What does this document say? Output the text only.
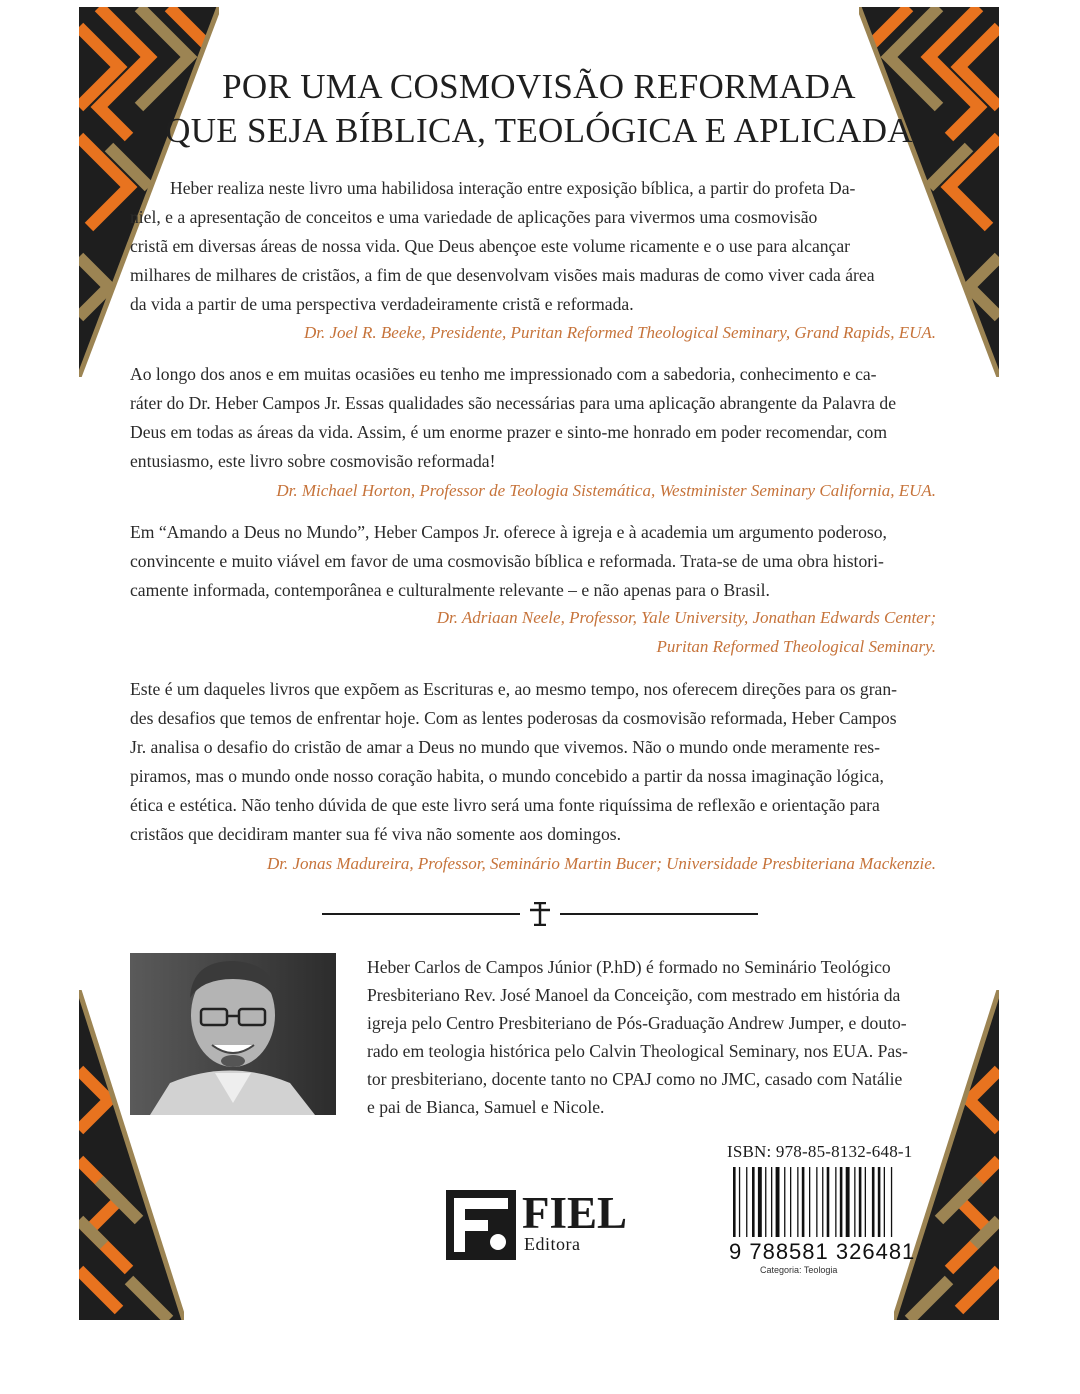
POR UMA COSMOVISÃO REFORMADA
QUE SEJA BÍBLICA, TEOLÓGICA E APLICADA
Heber realiza neste livro uma habilidosa interação entre exposição bíblica, a partir do profeta Da-
niel, e a apresentação de conceitos e uma variedade de aplicações para vivermos uma cosmovisão
cristã em diversas áreas de nossa vida. Que Deus abençoe este volume ricamente e o use para alcançar
milhares de milhares de cristãos, a fim de que desenvolvam visões mais maduras de como viver cada área
da vida a partir de uma perspectiva verdadeiramente cristã e reformada.
Dr. Joel R. Beeke, Presidente, Puritan Reformed Theological Seminary, Grand Rapids, EUA.
Ao longo dos anos e em muitas ocasiões eu tenho me impressionado com a sabedoria, conhecimento e ca-
ráter do Dr. Heber Campos Jr. Essas qualidades são necessárias para uma aplicação abrangente da Palavra de
Deus em todas as áreas da vida. Assim, é um enorme prazer e sinto-me honrado em poder recomendar, com
entusiasmo, este livro sobre cosmovisão reformada!
Dr. Michael Horton, Professor de Teologia Sistemática, Westminister Seminary California, EUA.
Em “Amando a Deus no Mundo”, Heber Campos Jr. oferece à igreja e à academia um argumento poderoso,
convincente e muito viável em favor de uma cosmovisão bíblica e reformada. Trata-se de uma obra histori-
camente informada, contemporânea e culturalmente relevante – e não apenas para o Brasil.
Dr. Adriaan Neele, Professor, Yale University, Jonathan Edwards Center;
Puritan Reformed Theological Seminary.
Este é um daqueles livros que expõem as Escrituras e, ao mesmo tempo, nos oferecem direções para os gran-
des desafios que temos de enfrentar hoje. Com as lentes poderosas da cosmovisão reformada, Heber Campos
Jr. analisa o desafio do cristão de amar a Deus no mundo que vivemos. Não o mundo onde meramente res-
piramos, mas o mundo onde nosso coração habita, o mundo concebido a partir da nossa imaginação lógica,
ética e estética. Não tenho dúvida de que este livro será uma fonte riquíssima de reflexão e orientação para
cristãos que decidiram manter sua fé viva não somente aos domingos.
Dr. Jonas Madureira, Professor, Seminário Martin Bucer; Universidade Presbiteriana Mackenzie.
Heber Carlos de Campos Júnior (P.hD) é formado no Seminário Teológico
Presbiteriano Rev. José Manoel da Conceição, com mestrado em história da
igreja pelo Centro Presbiteriano de Pós-Graduação Andrew Jumper, e douto-
rado em teologia histórica pelo Calvin Theological Seminary, nos EUA. Pas-
tor presbiteriano, docente tanto no CPAJ como no JMC, casado com Natálie
e pai de Bianca, Samuel e Nicole.
FIEL
Editora
ISBN: 978-85-8132-648-1
9 788581 326481
Categoria: Teologia
